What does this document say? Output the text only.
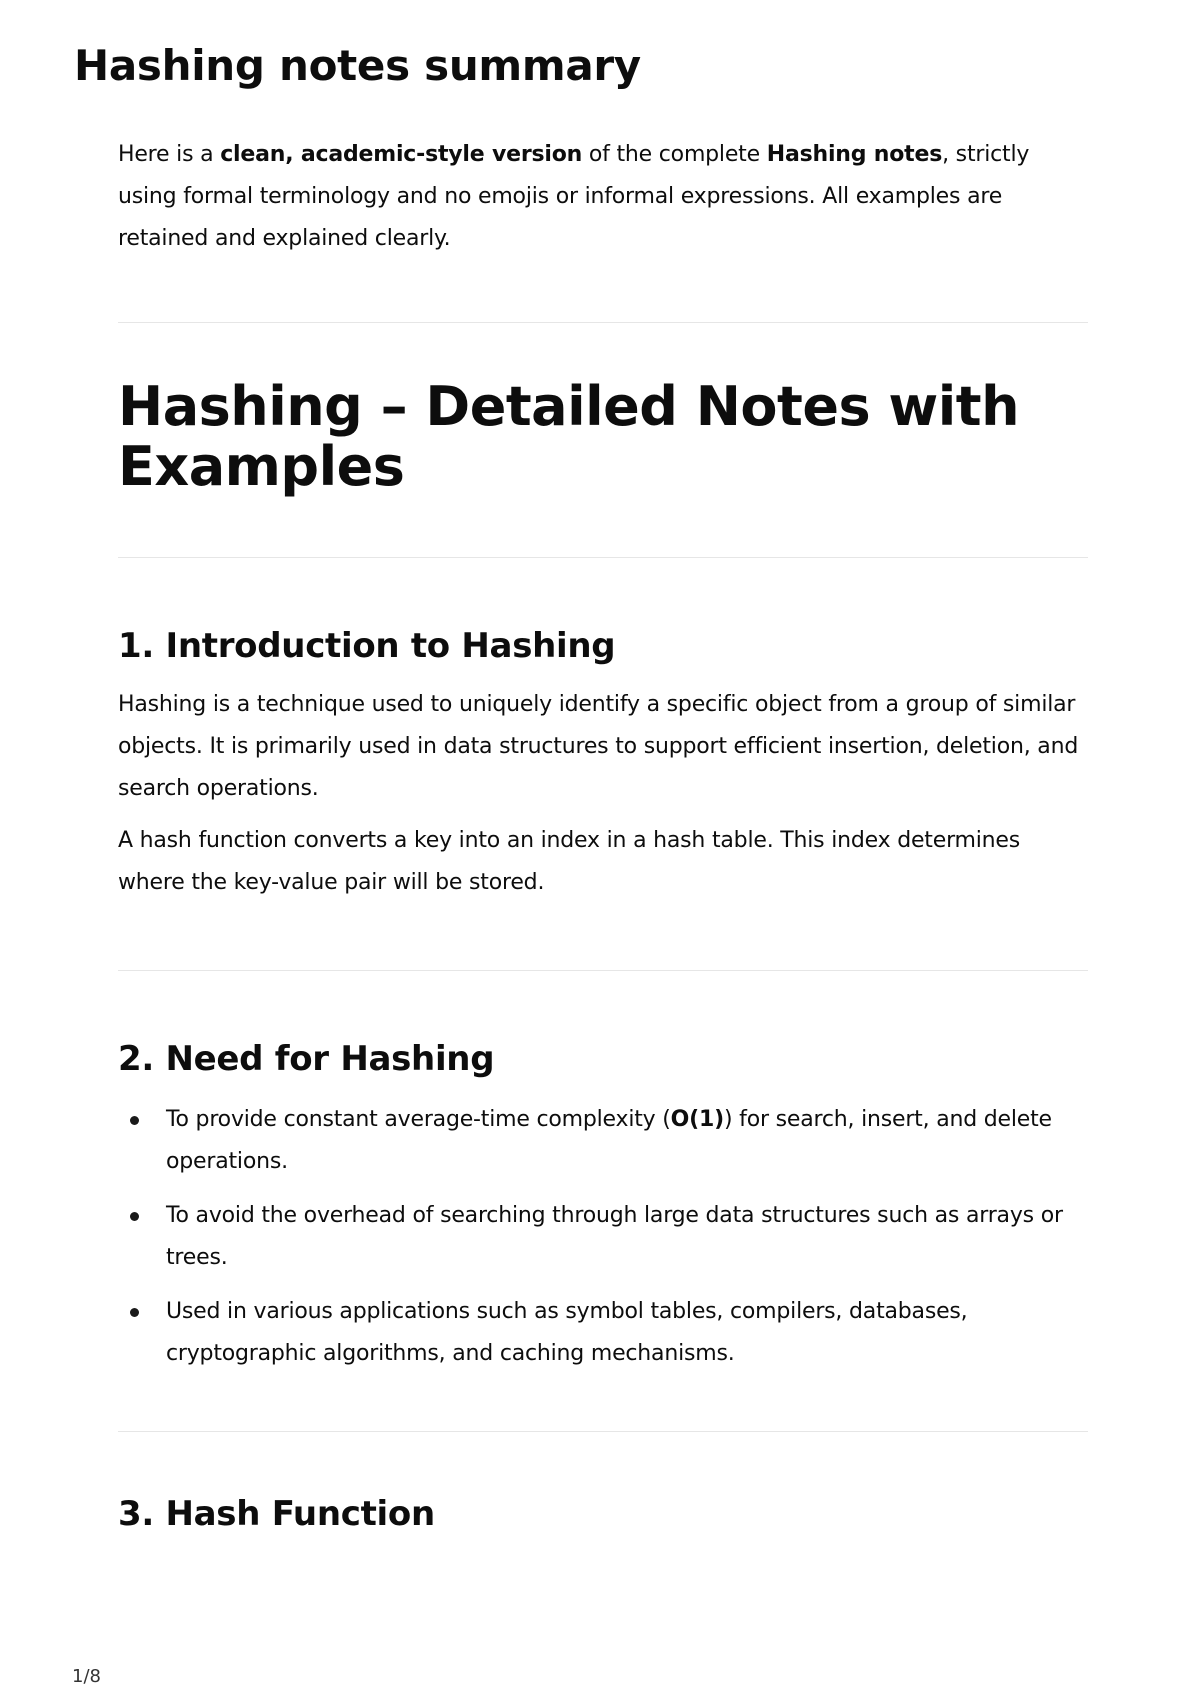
Hashing notes summary

Here is a clean, academic-style version of the complete Hashing notes, strictly using formal terminology and no emojis or informal expressions. All examples are retained and explained clearly.

Hashing – Detailed Notes with Examples
1. Introduction to Hashing

Hashing is a technique used to uniquely identify a specific object from a group of similar objects. It is primarily used in data structures to support efficient insertion, deletion, and search operations.

A hash function converts a key into an index in a hash table. This index determines where the key-value pair will be stored.

2. Need for Hashing
To provide constant average-time complexity (O(1)) for search, insert, and delete operations.
To avoid the overhead of searching through large data structures such as arrays or trees.
Used in various applications such as symbol tables, compilers, databases, cryptographic algorithms, and caching mechanisms.
3. Hash Function
1/8
